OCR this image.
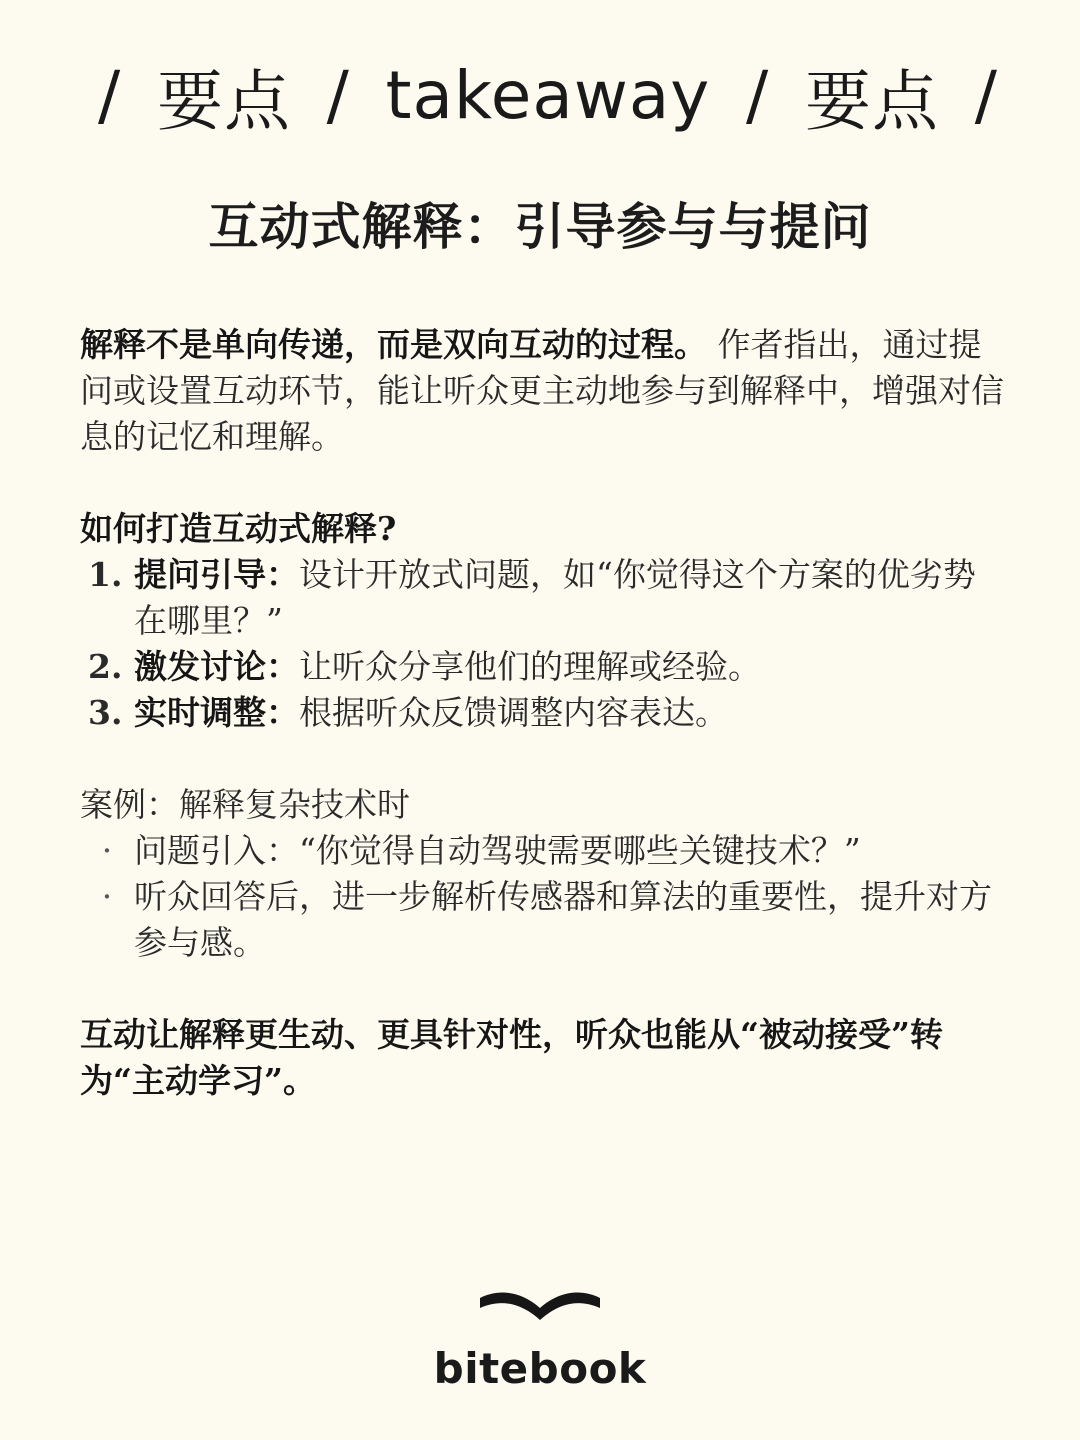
/ 要点 / takeaway / 要点 /
互动式解释：引导参与与提问

解释不是单向传递，而是双向互动的过程。 作者指出，通过提问或设置互动环节，能让听众更主动地参与到解释中，增强对信息的记忆和理解。

如何打造互动式解释?

1. 提问引导：设计开放式问题，如“你觉得这个方案的优劣势在哪里？”
2. 激发讨论：让听众分享他们的理解或经验。
3. 实时调整：根据听众反馈调整内容表达。

案例：解释复杂技术时

· 问题引入：“你觉得自动驾驶需要哪些关键技术？”
· 听众回答后，进一步解析传感器和算法的重要性，提升对方参与感。

互动让解释更生动、更具针对性，听众也能从“被动接受”转为“主动学习”。

bitebook
